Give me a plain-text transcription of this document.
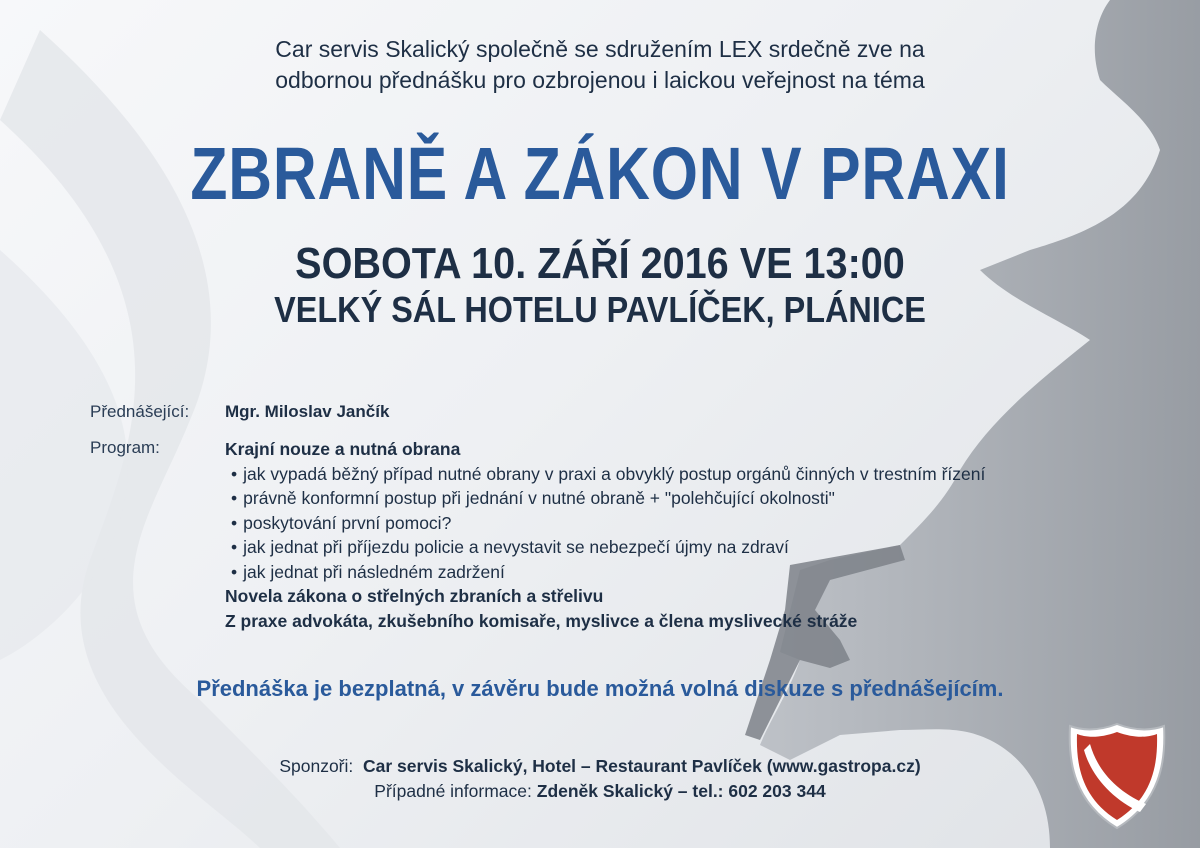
Car servis Skalický společně se sdružením LEX srdečně zve na
odbornou přednášku pro ozbrojenou i laickou veřejnost na téma
ZBRANĚ A ZÁKON V PRAXI
SOBOTA 10. ZÁŘÍ 2016 VE 13:00
VELKÝ SÁL HOTELU PAVLÍČEK, PLÁNICE
Přednášející: Mgr. Miloslav Jančík
Program:	Krajní nouze a nutná obrana
• jak vypadá běžný případ nutné obrany v praxi a obvyklý postup orgánů činných v trestním řízení
• právně konformní postup při jednání v nutné obraně + "polehčující okolnosti"
• poskytování první pomoci?
• jak jednat při příjezdu policie a nevystavit se nebezpečí újmy na zdraví
• jak jednat při následném zadržení
Novela zákona o střelných zbraních a střelivu
Z praxe advokáta, zkušebního komisaře, myslivce a člena myslivecké stráže
Přednáška je bezplatná, v závěru bude možná volná diskuze s přednášejícím.
Sponzoři: Car servis Skalický, Hotel – Restaurant Pavlíček (www.gastropa.cz)
Případné informace: Zdeněk Skalický – tel.: 602 203 344
